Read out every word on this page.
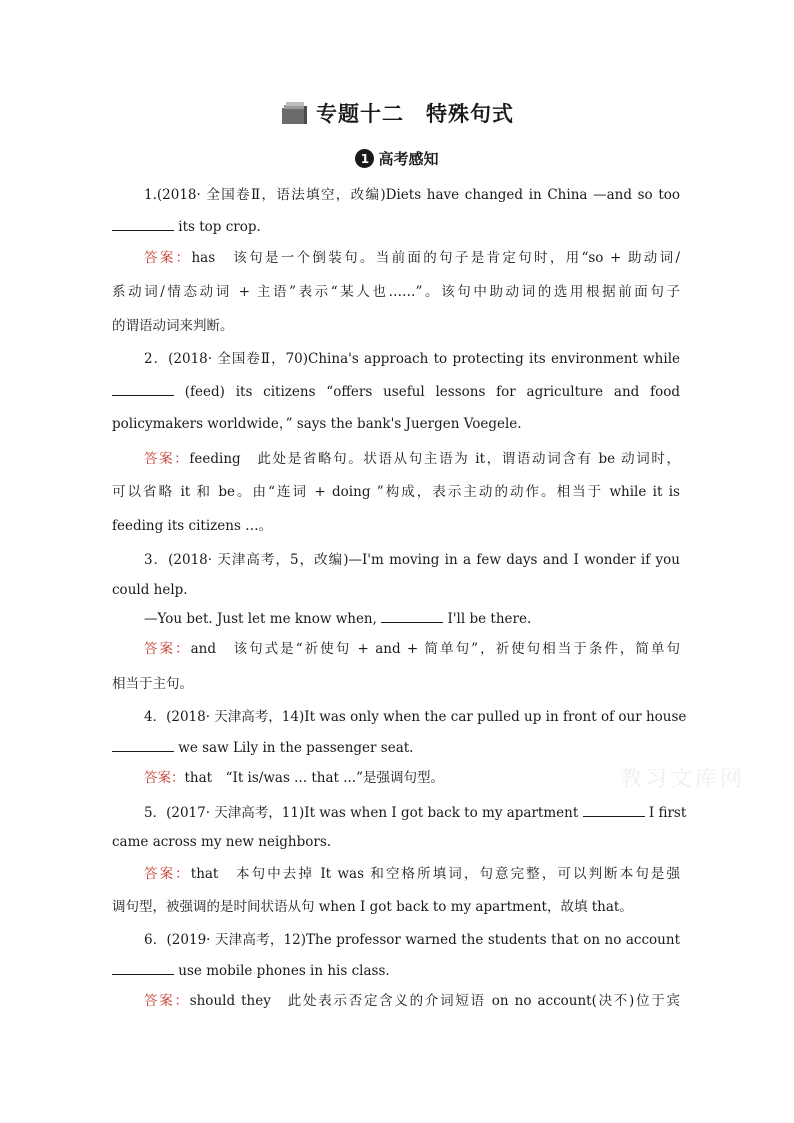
专题十二 特殊句式
1 高考感知
教习文库网
1.(2018· 全国卷Ⅱ，语法填空，改编)Diets have changed in China —and so too
its top crop.
答案：has　该句是一个倒装句。当前面的句子是肯定句时，用“so + 助动词/
系动词/情态动词 + 主语”表示“某人也……”。该句中助动词的选用根据前面句子
的谓语动词来判断。
2．(2018· 全国卷Ⅱ，70)China's approach to protecting its environment while
(feed) its citizens “offers useful lessons for agriculture and food
policymakers worldwide，” says the bank's Juergen Voegele.
答案：feeding　此处是省略句。状语从句主语为 it，谓语动词含有 be 动词时，
可以省略 it 和 be。由“连词 + doing ”构成，表示主动的动作。相当于 while it is
feeding its citizens …。
3．(2018· 天津高考，5，改编)—I'm moving in a few days and I wonder if you
could help.
—You bet. Just let me know when,	I'll be there.
答案：and　该句式是“祈使句 + and + 简单句”，祈使句相当于条件，简单句
相当于主句。
4．(2018· 天津高考，14)It was only when the car pulled up in front of our house
we saw Lily in the passenger seat.
答案：that　“It is/was ... that ...”是强调句型。
5．(2017· 天津高考，11)It was when I got back to my apartment	I first
came across my new neighbors.
答案：that　本句中去掉 It was 和空格所填词，句意完整，可以判断本句是强
调句型，被强调的是时间状语从句 when I got back to my apartment，故填 that。
6．(2019· 天津高考，12)The professor warned the students that on no account
use mobile phones in his class.
答案：should they　此处表示否定含义的介词短语 on no account(决不)位于宾
